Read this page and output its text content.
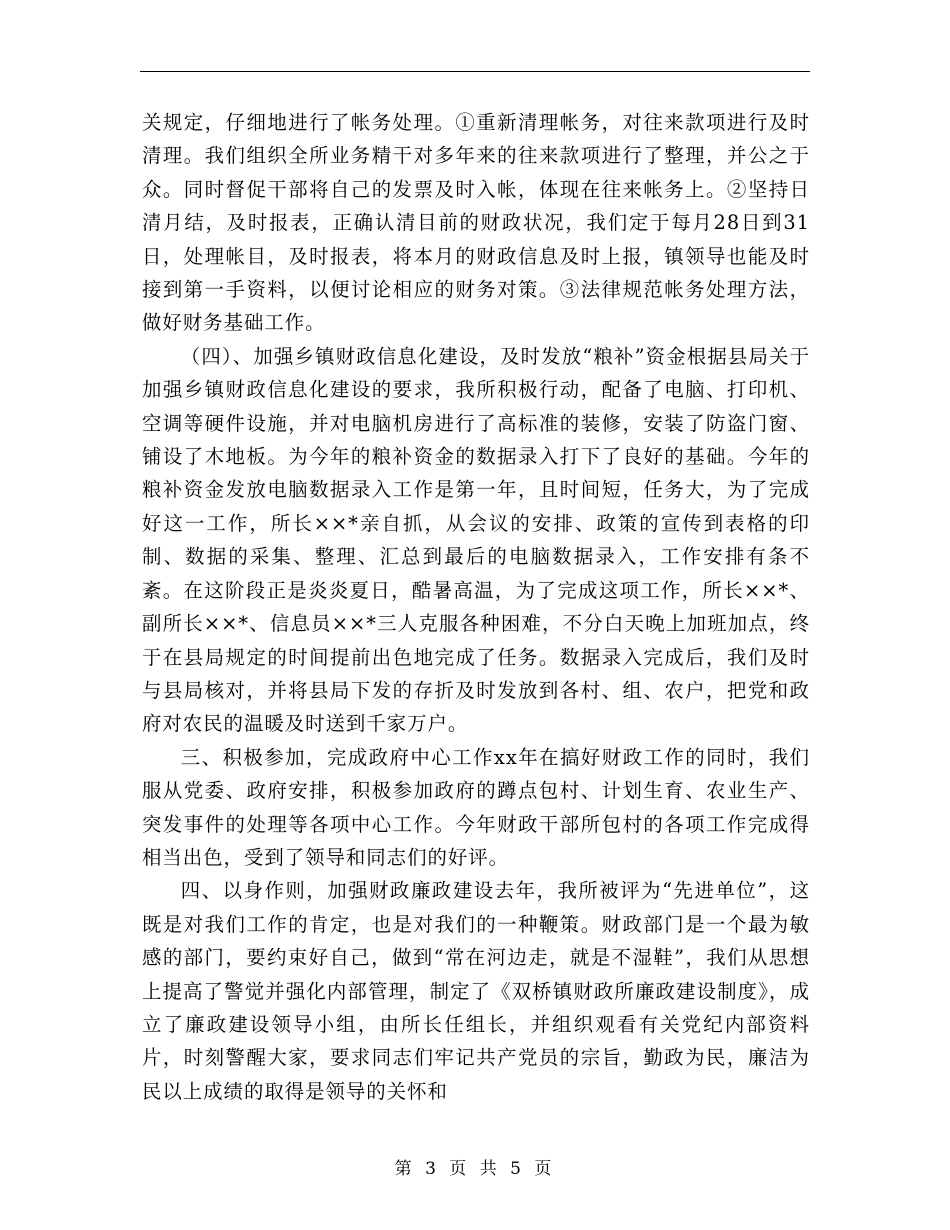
关规定，仔细地进行了帐务处理。①重新清理帐务，对往来款项进行及时清理。我们组织全所业务精干对多年来的往来款项进行了整理，并公之于众。同时督促干部将自己的发票及时入帐，体现在往来帐务上。②坚持日清月结，及时报表，正确认清目前的财政状况，我们定于每月28日到31日，处理帐目，及时报表，将本月的财政信息及时上报，镇领导也能及时接到第一手资料，以便讨论相应的财务对策。③法律规范帐务处理方法，做好财务基础工作。

（四）、加强乡镇财政信息化建设，及时发放“粮补”资金根据县局关于加强乡镇财政信息化建设的要求，我所积极行动，配备了电脑、打印机、空调等硬件设施，并对电脑机房进行了高标准的装修，安装了防盗门窗、铺设了木地板。为今年的粮补资金的数据录入打下了良好的基础。今年的粮补资金发放电脑数据录入工作是第一年，且时间短，任务大，为了完成好这一工作，所长××*亲自抓，从会议的安排、政策的宣传到表格的印制、数据的采集、整理、汇总到最后的电脑数据录入，工作安排有条不紊。在这阶段正是炎炎夏日，酷暑高温，为了完成这项工作，所长××*、副所长××*、信息员××*三人克服各种困难，不分白天晚上加班加点，终于在县局规定的时间提前出色地完成了任务。数据录入完成后，我们及时与县局核对，并将县局下发的存折及时发放到各村、组、农户，把党和政府对农民的温暖及时送到千家万户。

三、积极参加，完成政府中心工作xx年在搞好财政工作的同时，我们服从党委、政府安排，积极参加政府的蹲点包村、计划生育、农业生产、突发事件的处理等各项中心工作。今年财政干部所包村的各项工作完成得相当出色，受到了领导和同志们的好评。

四、以身作则，加强财政廉政建设去年，我所被评为“先进单位”，这既是对我们工作的肯定，也是对我们的一种鞭策。财政部门是一个最为敏感的部门，要约束好自己，做到“常在河边走，就是不湿鞋”，我们从思想上提高了警觉并强化内部管理，制定了《双桥镇财政所廉政建设制度》，成立了廉政建设领导小组，由所长任组长，并组织观看有关党纪内部资料片，时刻警醒大家，要求同志们牢记共产党员的宗旨，勤政为民，廉洁为民以上成绩的取得是领导的关怀和

第 3 页 共 5 页
